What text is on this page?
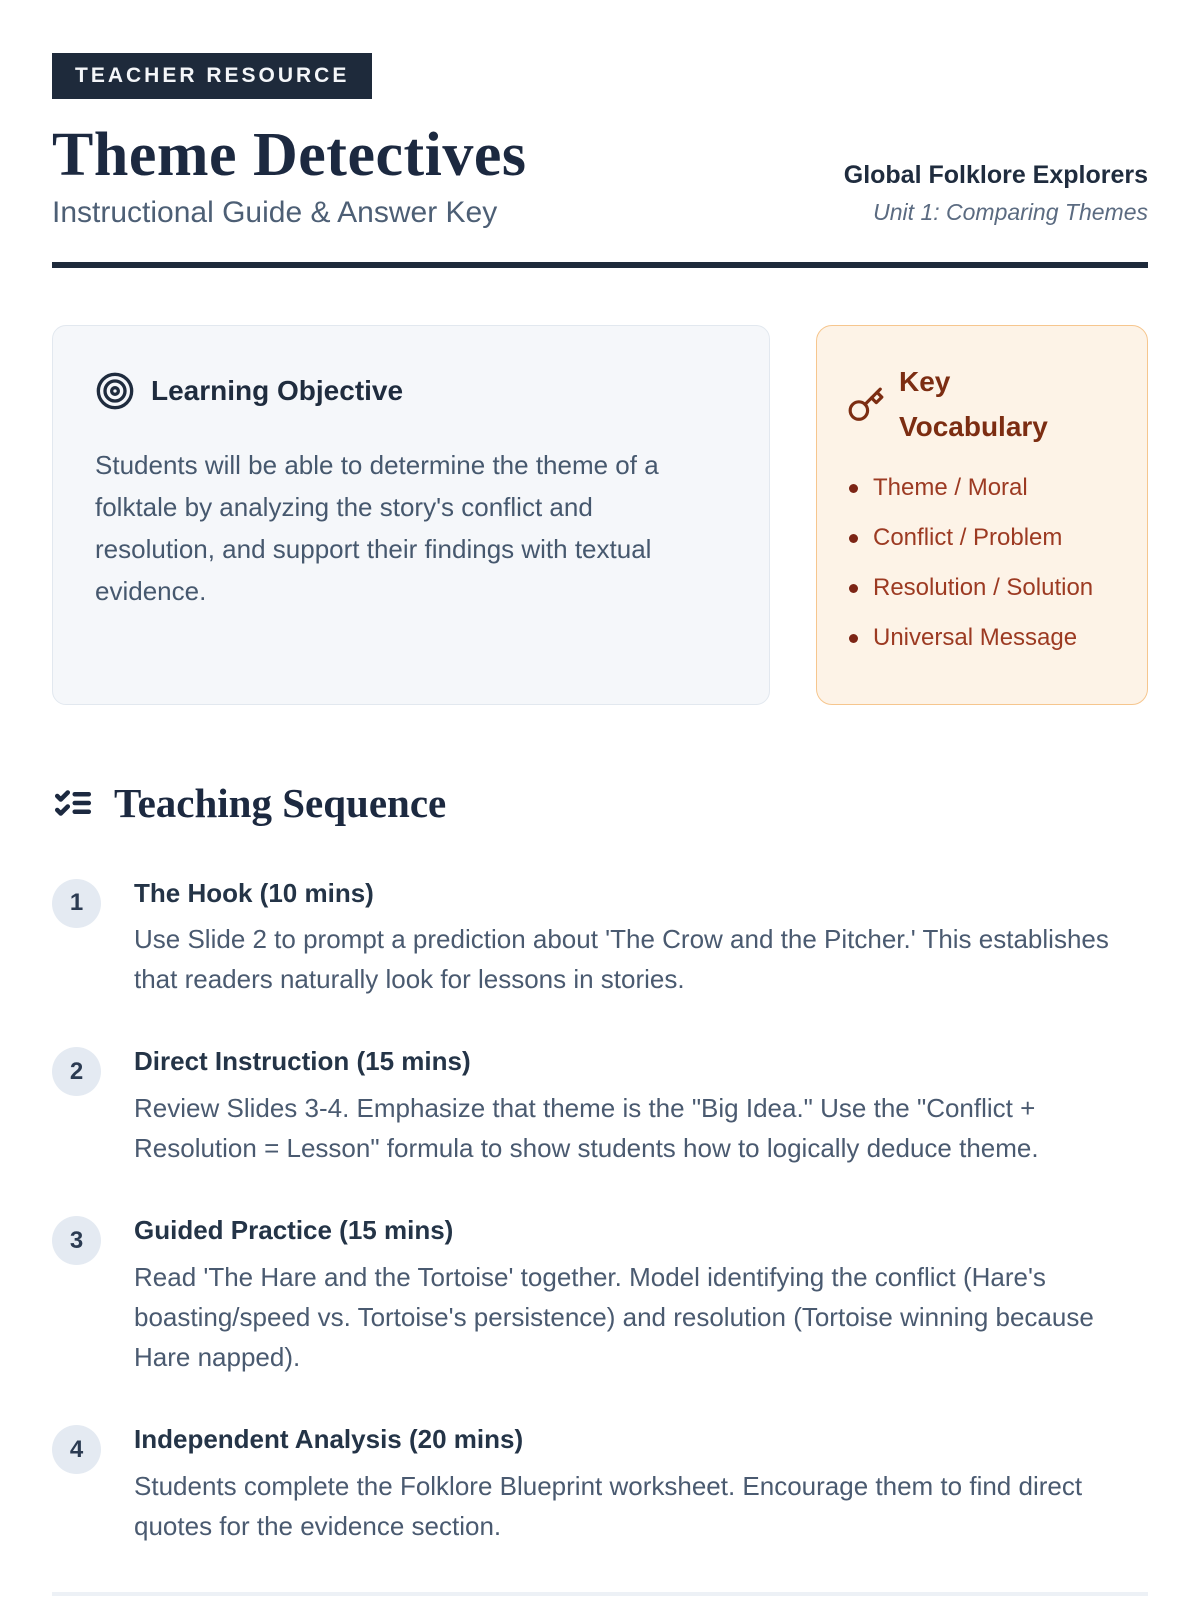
TEACHER RESOURCE
Theme Detectives
Instructional Guide & Answer Key
Global Folklore Explorers
Unit 1: Comparing Themes
Learning Objective

Students will be able to determine the theme of a folktale by analyzing the story's conflict and resolution, and support their findings with textual evidence.

Key Vocabulary
Theme / Moral
Conflict / Problem
Resolution / Solution
Universal Message
Teaching Sequence
1	The Hook (10 mins)
Use Slide 2 to prompt a prediction about 'The Crow and the Pitcher.' This establishes that readers naturally look for lessons in stories.
2	Direct Instruction (15 mins)
Review Slides 3-4. Emphasize that theme is the "Big Idea." Use the "Conflict + Resolution = Lesson" formula to show students how to logically deduce theme.
3	Guided Practice (15 mins)
Read 'The Hare and the Tortoise' together. Model identifying the conflict (Hare's boasting/speed vs. Tortoise's persistence) and resolution (Tortoise winning because Hare napped).
4	Independent Analysis (20 mins)
Students complete the Folklore Blueprint worksheet. Encourage them to find direct quotes for the evidence section.
